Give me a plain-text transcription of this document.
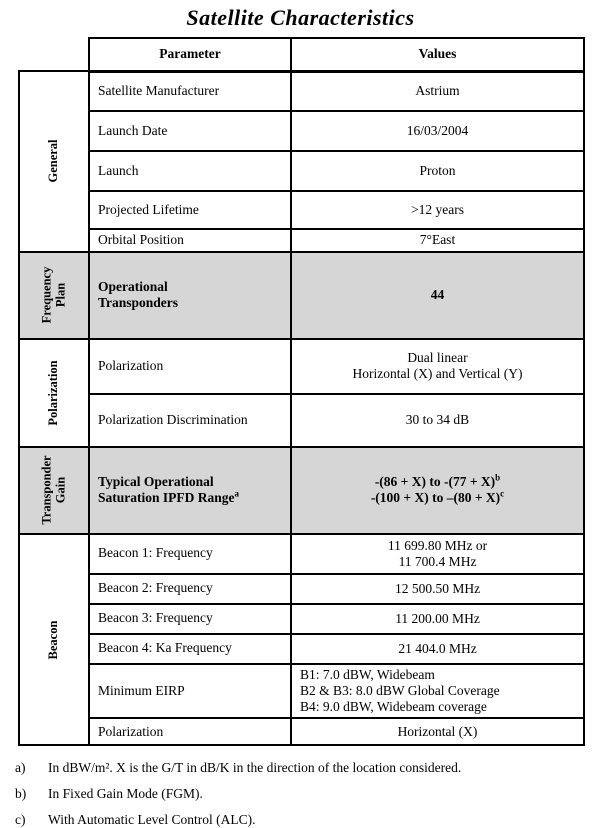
Satellite Characteristics
	Parameter	Values

General	Satellite Manufacturer	Astrium

	Launch Date	16/03/2004

	Launch	Proton

	Projected Lifetime	>12 years

	Orbital Position	7°East

Frequency Plan	Operational Transponders	44

Polarization	Polarization	Dual linear
Horizontal (X) and Vertical (Y)

	Polarization Discrimination	30 to 34 dB

Transponder Gain	Typical Operational Saturation IPFD Range$^a$	-(86 + X) to $-(77 + X)^b$
-(100 + X) to $-(80 + X)^c$

Beacon	Beacon 1: Frequency	11 699.80 MHz or
11 700.4 MHz

	Beacon 2: Frequency	12 500.50 MHz

	Beacon 3: Frequency	11 200.00 MHz

	Beacon 4: Ka Frequency	21 404.0 MHz

	Minimum EIRP	B1: 7.0 dBW, Widebeam
B2 & B3: 8.0 dBW Global Coverage
B4: 9.0 dBW, Widebeam coverage

	Polarization	Horizontal (X)
a)	In dBW/m². X is the G/T in dB/K in the direction of the location considered.
b)	In Fixed Gain Mode (FGM).
c)	With Automatic Level Control (ALC).
